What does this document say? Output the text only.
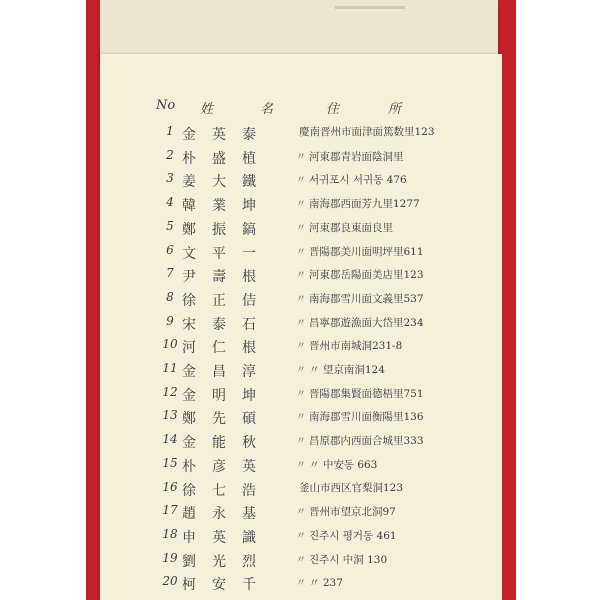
No 姓	名	住	所
1 金英泰	慶南晋州市面津面篤数里123
2 朴盛植	〃 河東郡青岩面陰洞里
3 姜大鐵	〃 서귀포시 서귀동 476
4 韓業坤	〃 南海郡西面芳九里1277
5 鄭振鎬	〃 河東郡良東面良里
6 文平一	〃 晋陽郡美川面明坪里611
7 尹壽根	〃 河東郡岳陽面美店里123
8 徐正佶	〃 南海郡雪川面文義里537
9 宋泰石	〃 昌寧郡遊漁面大岱里234
10 河仁根	〃 晋州市南城洞231-8
11 金昌淳	〃 〃 望京南洞124
12 金明坤	〃 晋陽郡集賢面德梧里751
13 鄭先碩	〃 南海郡雪川面衡陽里136
14 金能秋	〃 昌原郡内西面合城里333
15 朴彦英	〃 〃 中安동 663
16 徐七浩	釜山市西区官梨洞123
17 趙永基	〃 晋州市望京北洞97
18 申英識	〃 진주시 평거동 461
19 劉光烈	〃 진주시 中洞 130
20 柯安千	〃 〃 237
